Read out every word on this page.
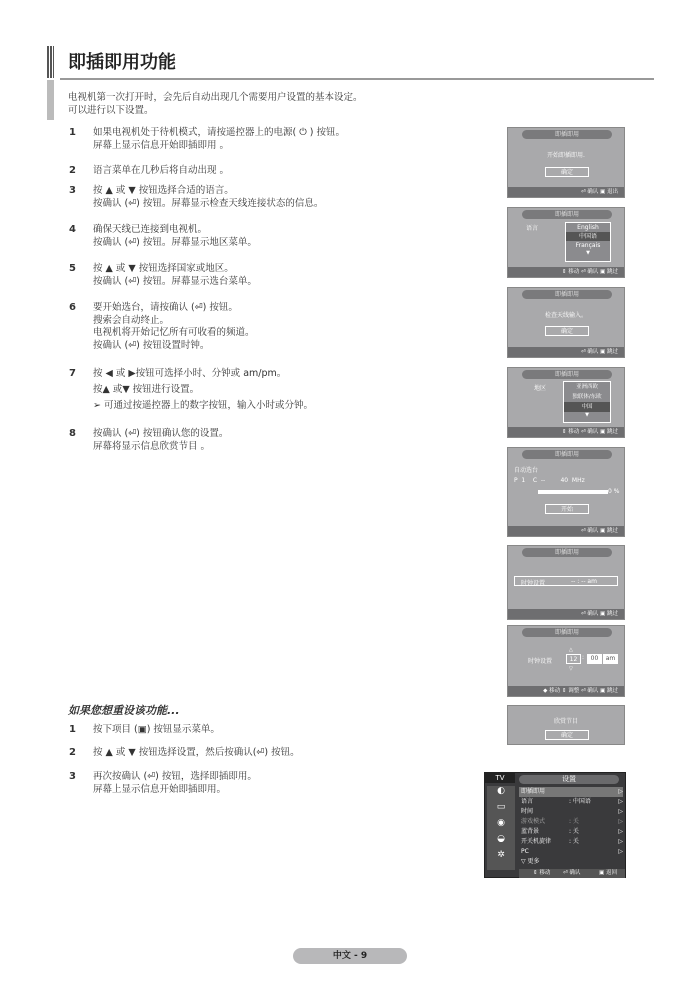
即插即用功能
电视机第一次打开时，会先后自动出现几个需要用户设置的基本设定。
可以进行以下设置。
1 如果电视机处于待机模式，请按遥控器上的电源( ⏻ ) 按钮。
屏幕上显示信息开始即插即用 。
2 语言菜单在几秒后将自动出现 。
3 按 ▲ 或 ▼ 按钮选择合适的语言。
按确认 (⏎) 按钮。屏幕显示检查天线连接状态的信息。
4 确保天线已连接到电视机。
按确认 (⏎) 按钮。屏幕显示地区菜单。
5 按 ▲ 或 ▼ 按钮选择国家或地区。
按确认 (⏎) 按钮。屏幕显示选台菜单。
6 要开始选台，请按确认 (⏎) 按钮。
搜索会自动终止。
电视机将开始记忆所有可收看的频道。
按确认 (⏎) 按钮设置时钟。
7 按 ◀ 或 ▶按钮可选择小时、分钟或 am/pm。
按▲ 或▼ 按钮进行设置。
➢ 可通过按遥控器上的数字按钮，输入小时或分钟。
8 按确认 (⏎) 按钮确认您的设置。
屏幕将显示信息欣赏节目 。
如果您想重设该功能...
1 按下项目 (▣) 按钮显示菜单。
2 按 ▲ 或 ▼ 按钮选择设置，然后按确认(⏎) 按钮。
3 再次按确认 (⏎) 按钮，选择即插即用。
屏幕上显示信息开始即插即用。
即插即用
开始即插即用.
确定
⏎ 确认 ▣ 退出
即插即用
语言	English
中国语
Français
▼
⇕ 移动 ⏎ 确认 ▣ 跳过
即插即用
检查天线输入。
确定
⏎ 确认 ▣ 跳过
即插即用
地区	亚洲西欧
独联体/东欧
中国
▼
⇕ 移动 ⏎ 确认 ▣ 跳过
即插即用
自动选台
P  1    C  --        40  MHz
0 %
开始
⏎ 确认 ▣ 跳过
即插即用
时钟设置	-- : -- am
⏎ 确认 ▣ 跳过
即插即用
时钟设置
△
12 :	00	am
▽
◆ 移动 ⇕ 调整 ⏎ 确认 ▣ 跳过
欣赏节目
确定
TV	设置
◐
▭
◉
◒
✲
即插即用	▷
语言	: 中国语	▷
时间	▷
游戏模式	: 关	▷
蓝背景	: 关	▷
开关机旋律	: 关	▷
PC	▷
▽ 更多
⇕ 移动 ⏎ 确认	▣ 返回
中文 - 9
